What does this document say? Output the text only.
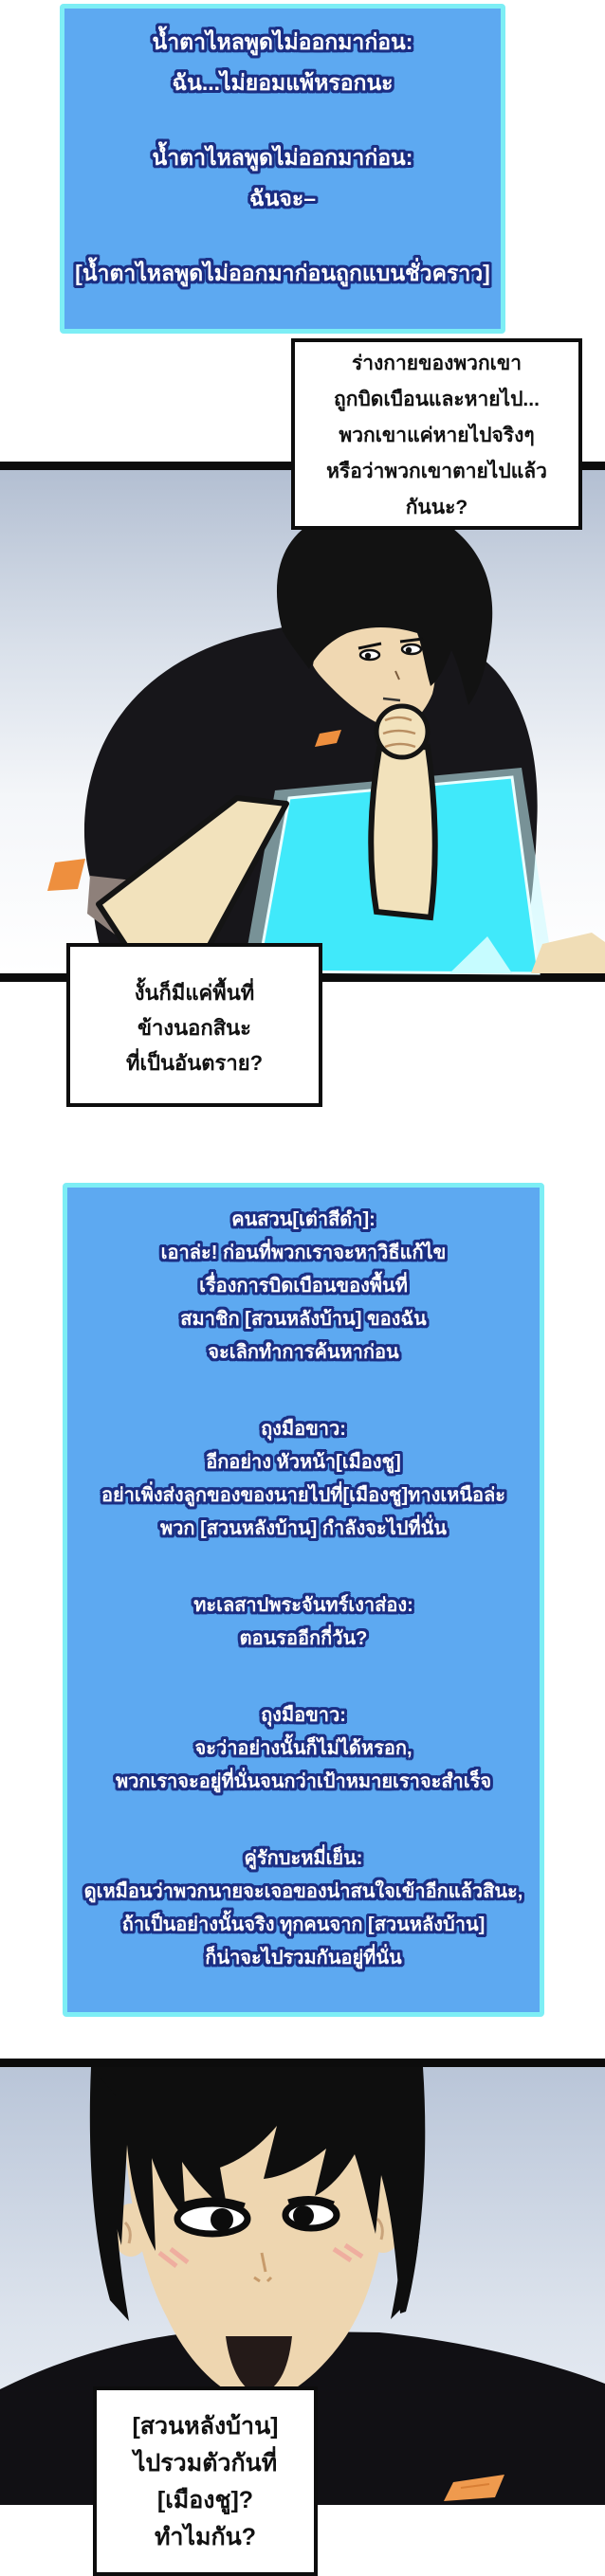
น้ำตาไหลพูดไม่ออกมาก่อน:
ฉัน...ไม่ยอมแพ้หรอกนะ
น้ำตาไหลพูดไม่ออกมาก่อน:
ฉันจะ–
[น้ำตาไหลพูดไม่ออกมาก่อนถูกแบนชั่วคราว]
ร่างกายของพวกเขา
ถูกบิดเบือนและหายไป...
พวกเขาแค่หายไปจริงๆ
หรือว่าพวกเขาตายไปแล้ว
กันนะ?
งั้นก็มีแค่พื้นที่
ข้างนอกสินะ
ที่เป็นอันตราย?
คนสวน[เต่าสีดำ]:
เอาล่ะ! ก่อนที่พวกเราจะหาวิธีแก้ไข
เรื่องการบิดเบือนของพื้นที่
สมาชิก [สวนหลังบ้าน] ของฉัน
จะเลิกทำการค้นหาก่อน
ถุงมือขาว:
อีกอย่าง หัวหน้า[เมืองชู]
อย่าเพิ่งส่งลูกของของนายไปที่[เมืองชู]ทางเหนือล่ะ
พวก [สวนหลังบ้าน] กำลังจะไปที่นั่น
ทะเลสาปพระจันทร์เงาส่อง:
ตอนรออีกกี่วัน?
ถุงมือขาว:
จะว่าอย่างนั้นก็ไม่ได้หรอก,
พวกเราจะอยู่ที่นั่นจนกว่าเป้าหมายเราจะสำเร็จ
คู่รักบะหมี่เย็น:
ดูเหมือนว่าพวกนายจะเจอของน่าสนใจเข้าอีกแล้วสินะ,
ถ้าเป็นอย่างนั้นจริง ทุกคนจาก [สวนหลังบ้าน]
ก็น่าจะไปรวมกันอยู่ที่นั่น
[สวนหลังบ้าน]
ไปรวมตัวกันที่
[เมืองชู]?
ทำไมกัน?
